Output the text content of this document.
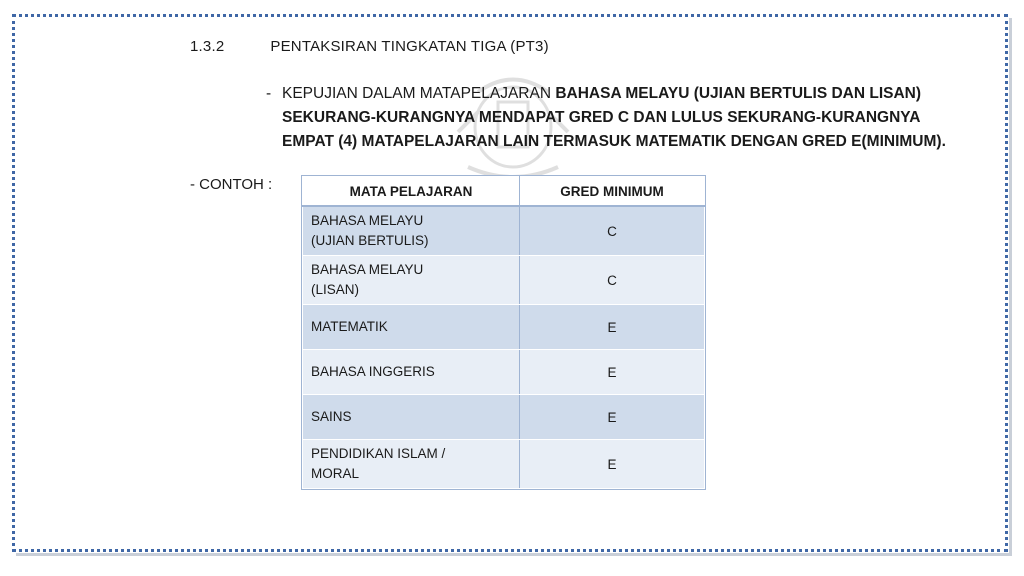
1.3.2	PENTAKSIRAN TINGKATAN TIGA (PT3)
- KEPUJIAN DALAM MATAPELAJARAN BAHASA MELAYU (UJIAN BERTULIS DAN LISAN)
SEKURANG-KURANGNYA MENDAPAT GRED C DAN LULUS SEKURANG-KURANGNYA
EMPAT (4) MATAPELAJARAN LAIN TERMASUK MATEMATIK DENGAN GRED E(MINIMUM).
- CONTOH :	MATA PELAJARAN	GRED MINIMUM
BAHASA MELAYU
(UJIAN BERTULIS)	C
BAHASA MELAYU
(LISAN)	C
MATEMATIK	E
BAHASA INGGERIS	E
SAINS	E
PENDIDIKAN ISLAM /
MORAL	E
